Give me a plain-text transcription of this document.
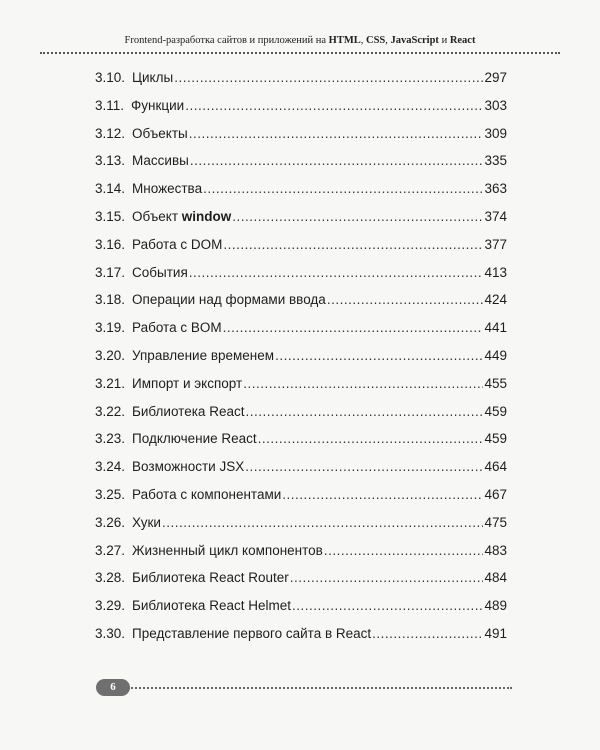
Frontend-разработка сайтов и приложений на HTML, CSS, JavaScript и React
3.10. Циклы .....	297
3.11. Функции .....	303
3.12. Объекты .....	309
3.13. Массивы .....	335
3.14. Множества .....	363
3.15. Объект window .....	374
3.16. Работа с DOM .....	377
3.17. События .....	413
3.18. Операции над формами ввода .....	424
3.19. Работа с BOM .....	441
3.20. Управление временем .....	449
3.21. Импорт и экспорт .....	455
3.22. Библиотека React .....	459
3.23. Подключение React .....	459
3.24. Возможности JSX .....	464
3.25. Работа с компонентами .....	467
3.26. Хуки .....	475
3.27. Жизненный цикл компонентов .....	483
3.28. Библиотека React Router .....	484
3.29. Библиотека React Helmet .....	489
3.30. Представление первого сайта в React .....	491
6
